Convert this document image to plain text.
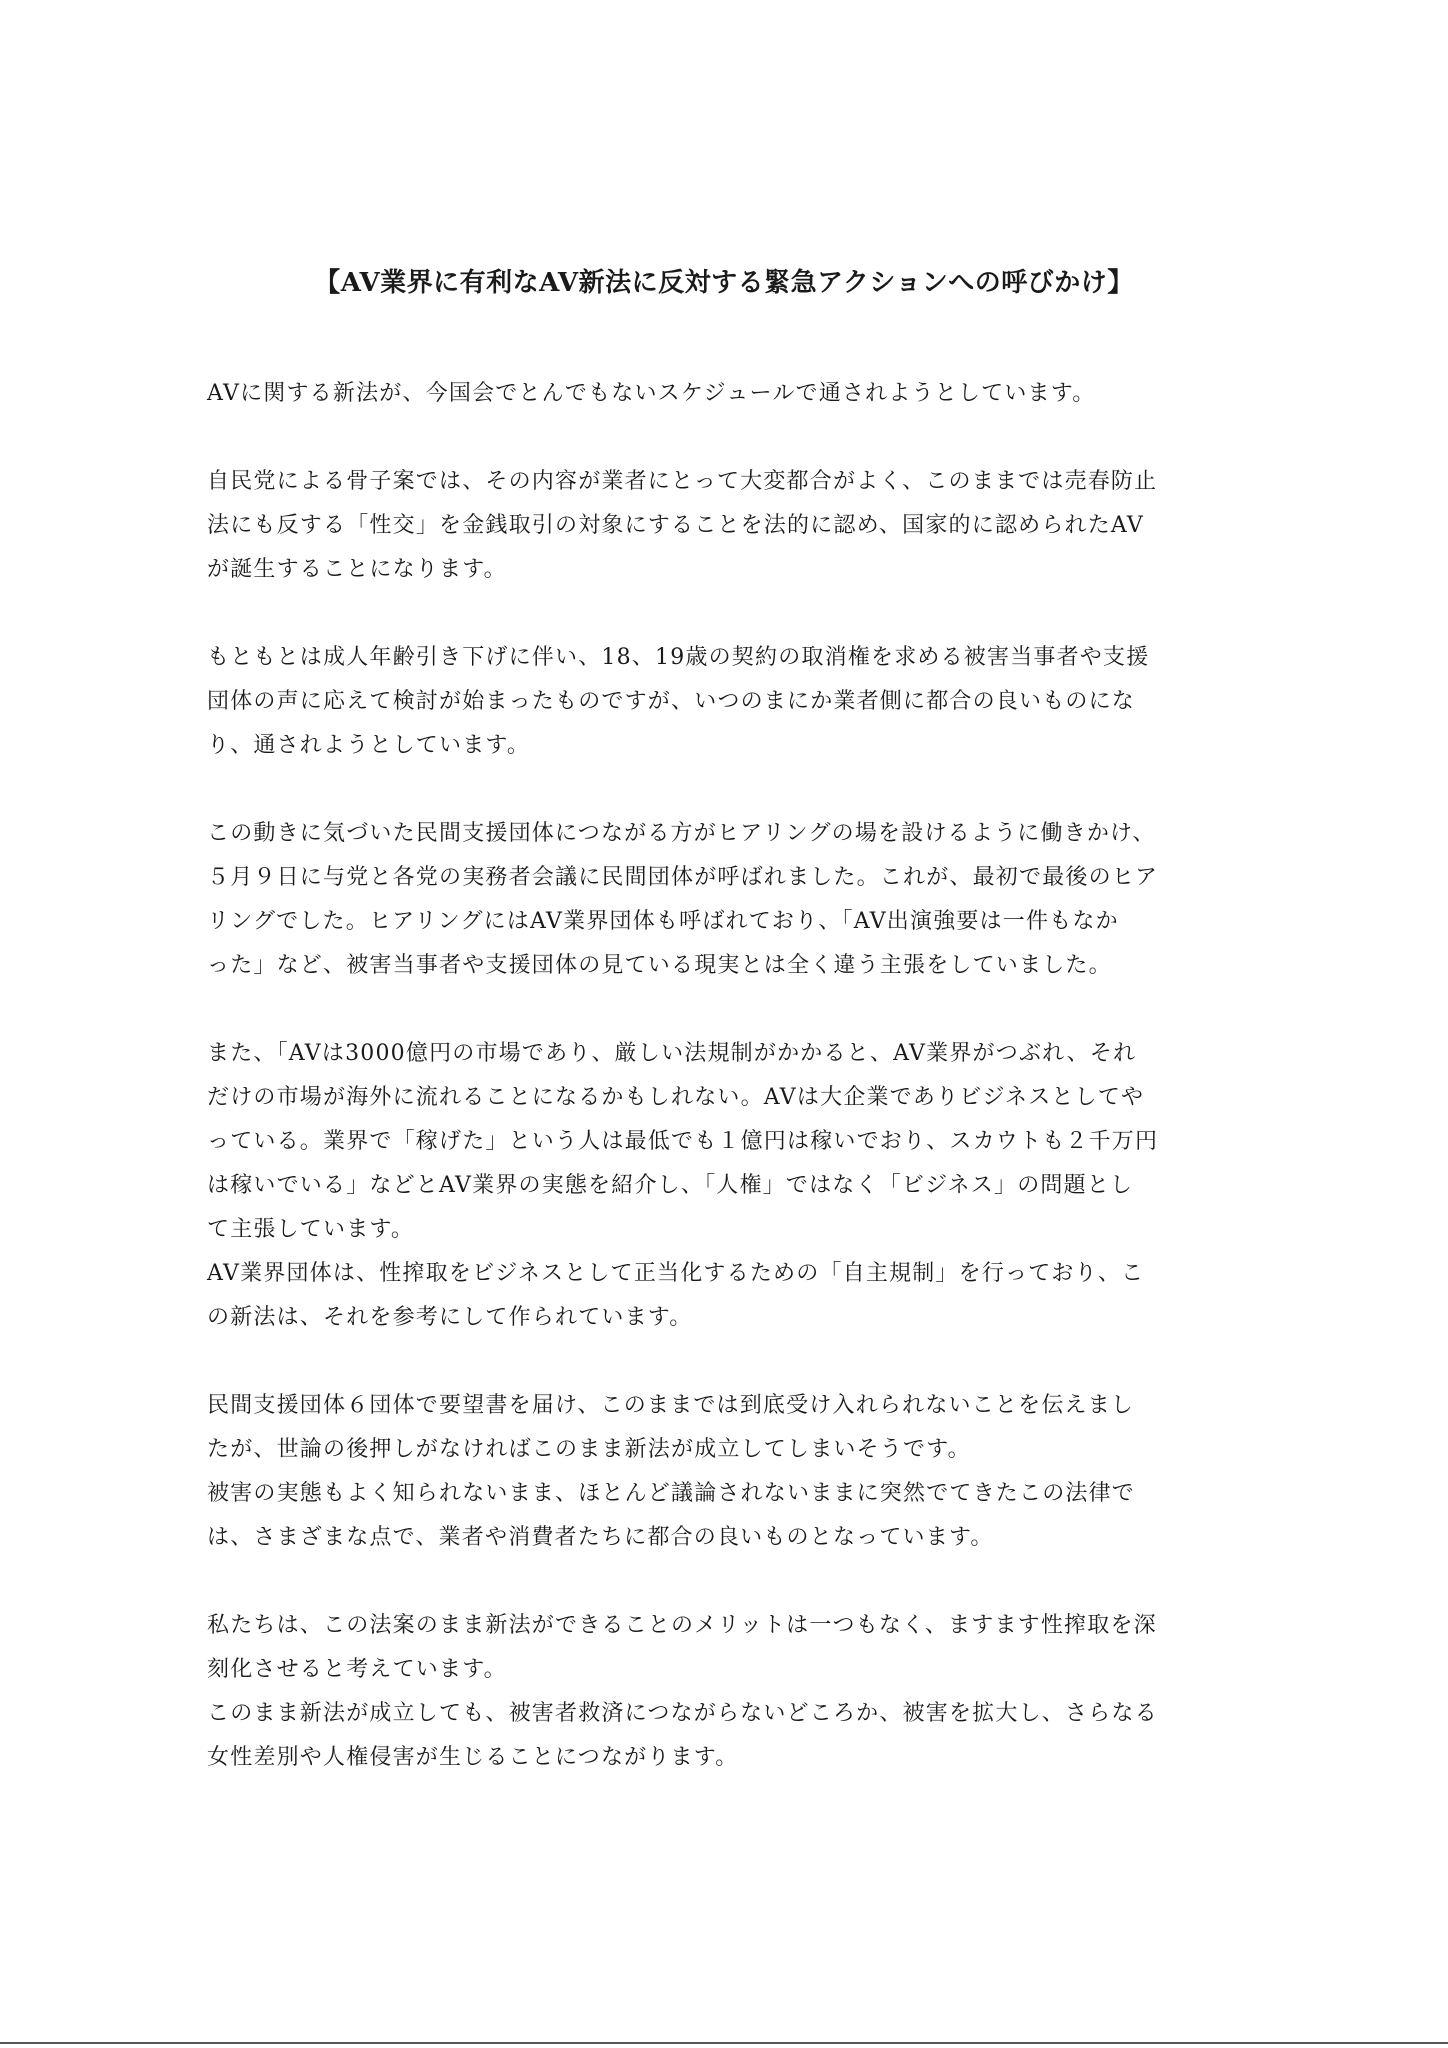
【AV業界に有利なAV新法に反対する緊急アクションへの呼びかけ】

AVに関する新法が、今国会でとんでもないスケジュールで通されようとしています。

自民党による骨子案では、その内容が業者にとって大変都合がよく、このままでは売春防止
法にも反する「性交」を金銭取引の対象にすることを法的に認め、国家的に認められたAV
が誕生することになります。

もともとは成人年齢引き下げに伴い、18、19歳の契約の取消権を求める被害当事者や支援
団体の声に応えて検討が始まったものですが、いつのまにか業者側に都合の良いものにな
り、通されようとしています。

この動きに気づいた民間支援団体につながる方がヒアリングの場を設けるように働きかけ、
５月９日に与党と各党の実務者会議に民間団体が呼ばれました。これが、最初で最後のヒア
リングでした。ヒアリングにはAV業界団体も呼ばれており、「AV出演強要は一件もなか
った」など、被害当事者や支援団体の見ている現実とは全く違う主張をしていました。

また、「AVは3000億円の市場であり、厳しい法規制がかかると、AV業界がつぶれ、それ
だけの市場が海外に流れることになるかもしれない。AVは大企業でありビジネスとしてや
っている。業界で「稼げた」という人は最低でも１億円は稼いでおり、スカウトも２千万円
は稼いでいる」などとAV業界の実態を紹介し、「人権」ではなく「ビジネス」の問題とし
て主張しています。
AV業界団体は、性搾取をビジネスとして正当化するための「自主規制」を行っており、こ
の新法は、それを参考にして作られています。

民間支援団体６団体で要望書を届け、このままでは到底受け入れられないことを伝えまし
たが、世論の後押しがなければこのまま新法が成立してしまいそうです。
被害の実態もよく知られないまま、ほとんど議論されないままに突然でてきたこの法律で
は、さまざまな点で、業者や消費者たちに都合の良いものとなっています。

私たちは、この法案のまま新法ができることのメリットは一つもなく、ますます性搾取を深
刻化させると考えています。
このまま新法が成立しても、被害者救済につながらないどころか、被害を拡大し、さらなる
女性差別や人権侵害が生じることにつながります。
